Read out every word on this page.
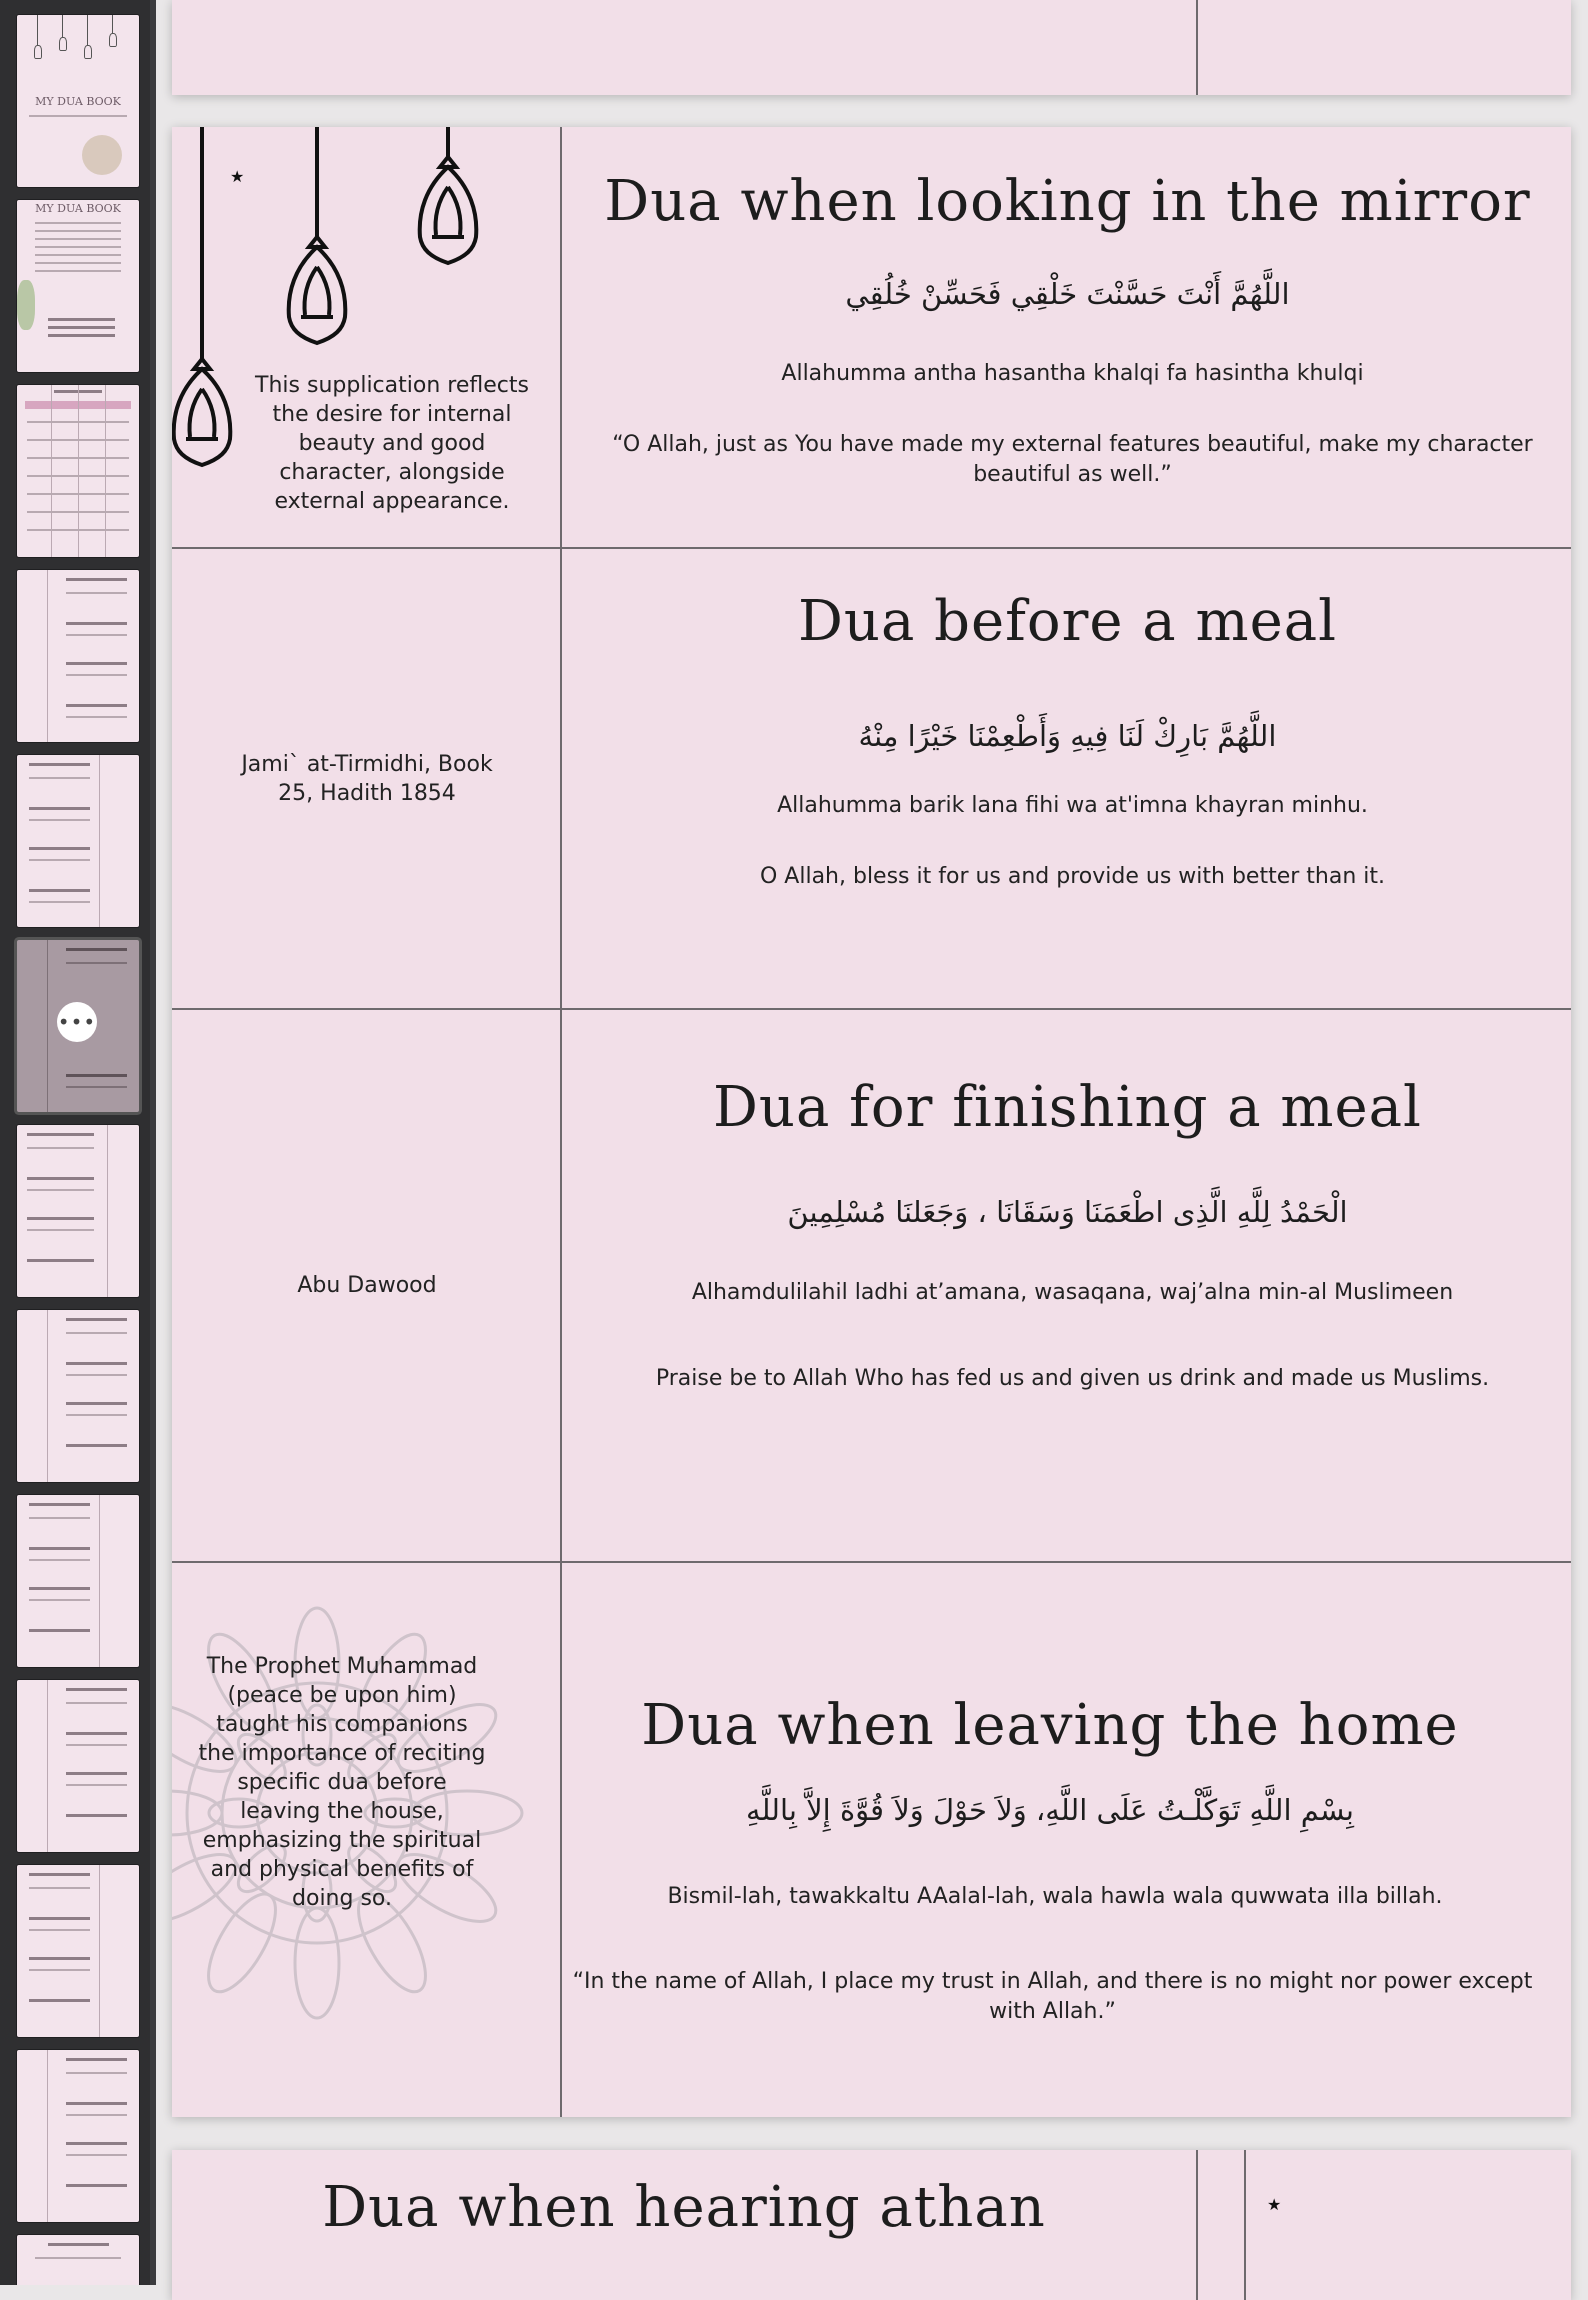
MY DUA BOOK
MY DUA BOOK
•••
★
This supplication reflects the desire for internal beauty and good character, alongside external appearance.
Dua when looking in the mirror
اللَّهُمَّ أَنْتَ حَسَّنْتَ خَلْقِي فَحَسِّنْ خُلُقِي
Allahumma antha hasantha khalqi fa hasintha khulqi
“O Allah, just as You have made my external features beautiful, make my character beautiful as well.”
Jami` at-Tirmidhi, Book 25, Hadith 1854
Dua before a meal
اللَّهُمَّ بَارِكْ لَنَا فِيهِ وَأَطْعِمْنَا خَيْرًا مِنْهُ
Allahumma barik lana fihi wa at'imna khayran minhu.
O Allah, bless it for us and provide us with better than it.
Abu Dawood
Dua for finishing a meal
الْحَمْدُ لِلَّهِ الَّذِى اطْعَمَنَا وَسَقَانَا ، وَجَعَلنَا مُسْلِمِينَ
Alhamdulilahil ladhi at’amana, wasaqana, waj’alna min-al Muslimeen
Praise be to Allah Who has fed us and given us drink and made us Muslims.
The Prophet Muhammad (peace be upon him) taught his companions the importance of reciting specific dua before leaving the house, emphasizing the spiritual and physical benefits of doing so.
Dua when leaving the home
بِسْمِ اللَّهِ تَوَكَّلْـتُ عَلَى اللَّهِ، وَلاَ حَوْلَ وَلاَ قُوَّةَ إِلاَّ بِاللَّهِ
Bismil-lah, tawakkaltu AAalal-lah, wala hawla wala quwwata illa billah.
“In the name of Allah, I place my trust in Allah, and there is no might nor power except with Allah.”
★
Dua when hearing athan
